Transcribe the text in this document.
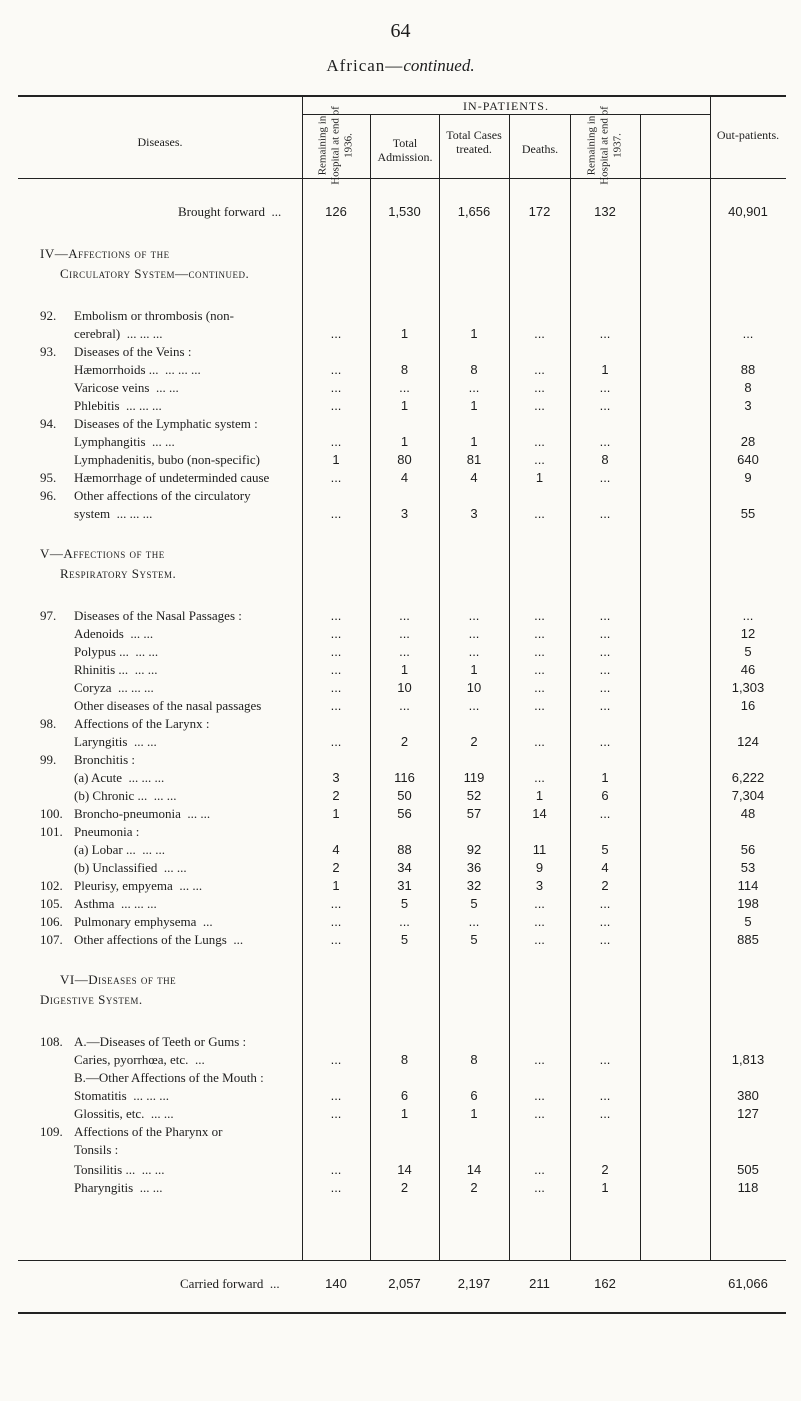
64
African—continued.
Diseases.
IN-PATIENTS.
Remaining in Hospital at end of 1936.	Total Admission.
Total Cases treated.	Deaths.	Remaining in Hospital at end of 1937.	Out-patients.
Brought forward ...	126	1,530	1,656	172	132	40,901
IV—Affections of the
Circulatory System—continued.
92. Embolism or thrombosis (non-
cerebral) ... ... ...	...	1	1	...	...	...
93. Diseases of the Veins :
Hæmorrhoids ... ... ... ...	...	8	8	...	1	88
Varicose veins ... ...	...	...	...	...	...	8
Phlebitis ... ... ...	...	1	1	...	...	3
94. Diseases of the Lymphatic system :
Lymphangitis ... ...	...	1	1	...	...	28
Lymphadenitis, bubo (non-specific)	1	80	81	...	8	640
95. Hæmorrhage of undeterminded cause	...	4	4	1	...	9
96. Other affections of the circulatory
system ... ... ...	...	3	3	...	...	55
V—Affections of the
Respiratory System.
97. Diseases of the Nasal Passages :	...	...	...	...	...	...
Adenoids ... ...	...	...	...	...	...	12
Polypus ... ... ...	...	...	...	...	...	5
Rhinitis ... ... ...	...	1	1	...	...	46
Coryza ... ... ...	...	10	10	...	...	1,303
Other diseases of the nasal passages	...	...	...	...	...	16
98. Affections of the Larynx :
Laryngitis ... ...	...	2	2	...	...	124
99. Bronchitis :
(a) Acute ... ... ...	3	116	119	...	1	6,222
(b) Chronic ... ... ...	2	50	52	1	6	7,304
100. Broncho-pneumonia ... ...	1	56	57	14	...	48
101. Pneumonia :
(a) Lobar ... ... ...	4	88	92	11	5	56
(b) Unclassified ... ...	2	34	36	9	4	53
102. Pleurisy, empyema ... ...	1	31	32	3	2	114
105. Asthma ... ... ...	...	5	5	...	...	198
106. Pulmonary emphysema ...	...	...	...	...	...	5
107. Other affections of the Lungs ...	...	5	5	...	...	885
VI—Diseases of the
Digestive System.
108. A.—Diseases of Teeth or Gums :
Caries, pyorrhœa, etc. ...	...	8	8	...	...	1,813
B.—Other Affections of the Mouth :
Stomatitis ... ... ...	...	6	6	...	...	380
Glossitis, etc. ... ...	...	1	1	...	...	127
109. Affections of the Pharynx or
Tonsils :
Tonsilitis ... ... ...	...	14	14	...	2	505
Pharyngitis ... ...	...	2	2	...	1	118
Carried forward ...	140	2,057	2,197	211	162	61,066
